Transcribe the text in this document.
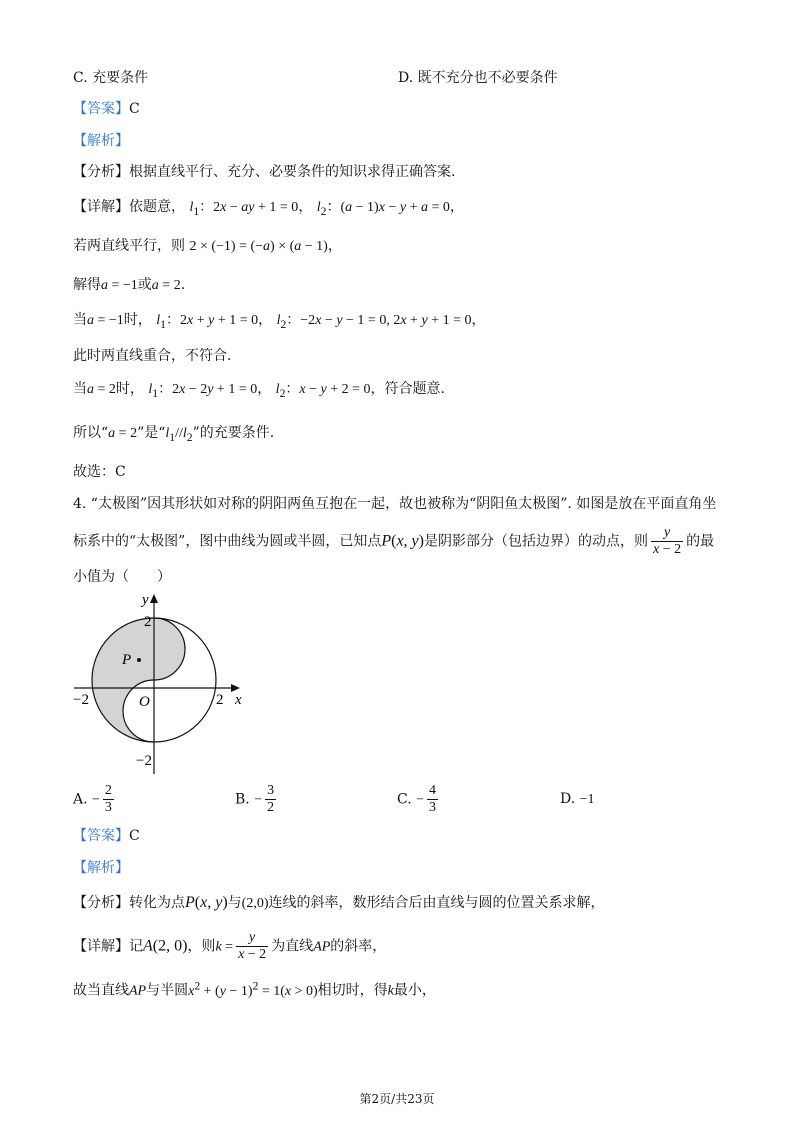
C. 充要条件	D. 既不充分也不必要条件
【答案】C
【解析】
【分析】根据直线平行、充分、必要条件的知识求得正确答案.
【详解】依题意， $l_1$：2x − ay + 1 = 0， $l_2$：(a − 1)x − y + a = 0，
若两直线平行，则 2 × (−1) = (−a) × (a − 1)，
解得a = −1或a = 2.
当a = −1时， $l_1$：2x + y + 1 = 0， $l_2$：−2x − y − 1 = 0, 2x + y + 1 = 0，
此时两直线重合，不符合.
当a = 2时， $l_1$：2x − 2y + 1 = 0， $l_2$：x − y + 2 = 0，符合题意.
所以“a = 2”是“$l_1//l_2$”的充要条件.
故选：C
4. “太极图”因其形状如对称的阴阳两鱼互抱在一起，故也被称为“阴阳鱼太极图”. 如图是放在平面直角坐
标系中的“太极图”，图中曲线为圆或半圆，已知点P(x, y)是阴影部分（包括边界）的动点，则 $\frac{y}{x - 2}$ 的最
小值为（　　）
y
x
2
−2
−2	2
O
P
A. − $\frac{2}{3}$	B. − $\frac{3}{2}$	C. − $\frac{4}{3}$	D. −1
【答案】C
【解析】
【分析】转化为点P(x, y)与(2,0)连线的斜率，数形结合后由直线与圆的位置关系求解，
【详解】记A(2, 0)，则$k = \frac{y}{x - 2}$ 为直线AP的斜率，
故当直线AP与半圆$x^2 + (y - 1)^2 = 1(x > 0)$相切时，得k最小，
第2页/共23页
